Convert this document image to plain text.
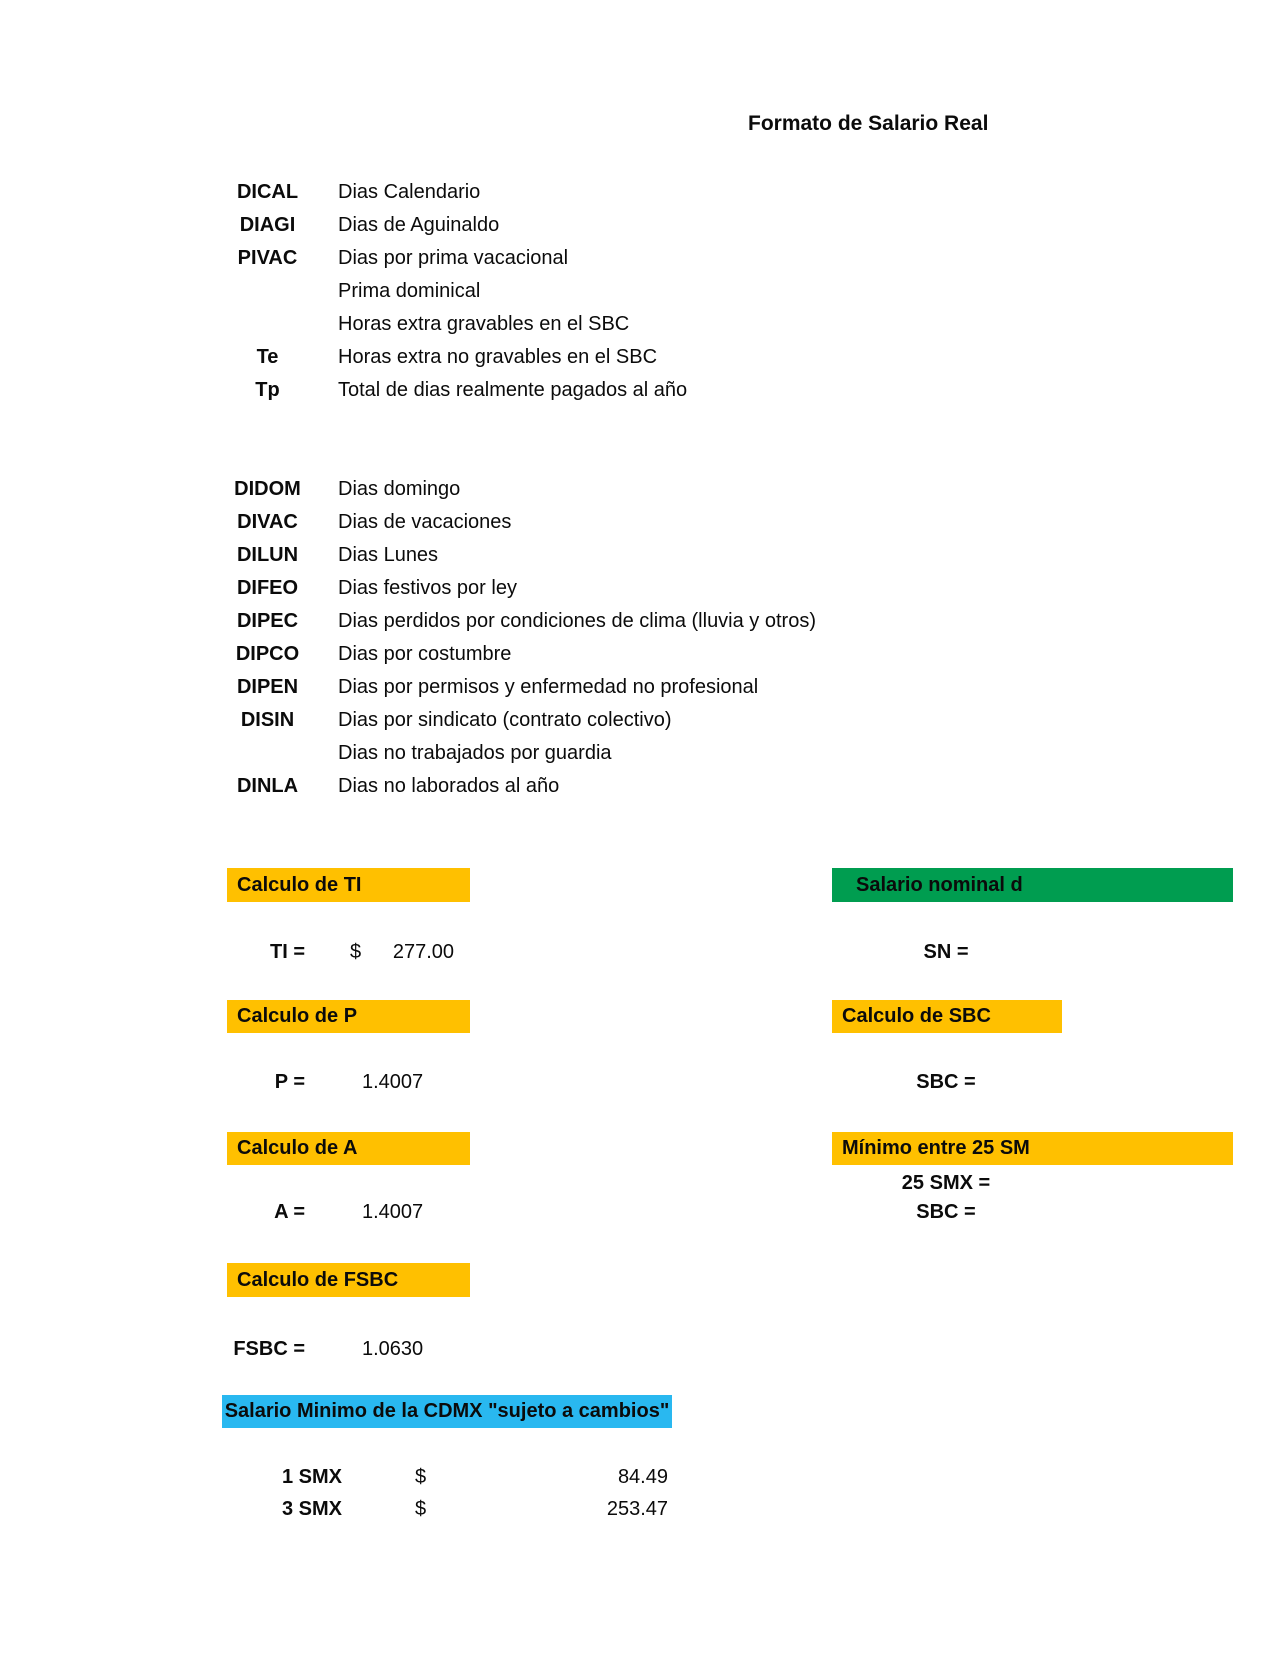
Formato de Salario Real
DICAL	Dias Calendario
DIAGI	Dias de Aguinaldo
PIVAC	Dias por prima vacacional
Prima dominical
Horas extra gravables en el SBC
Te	Horas extra no gravables en el SBC
Tp	Total de dias realmente pagados al año
DIDOM	Dias domingo
DIVAC	Dias de vacaciones
DILUN	Dias Lunes
DIFEO	Dias festivos por ley
DIPEC	Dias perdidos por condiciones de clima (lluvia y otros)
DIPCO	Dias por costumbre
DIPEN	Dias por permisos y enfermedad no profesional
DISIN	Dias por sindicato (contrato colectivo)
Dias no trabajados por guardia
DINLA	Dias no laborados al año
Calculo de TI	Salario nominal d
TI = $ 277.00	SN =
Calculo de P	Calculo de SBC
P =	1.4007	SBC =
Calculo de A	Mínimo entre 25 SM
25 SMX =
A =	1.4007	SBC =
Calculo de FSBC
FSBC =	1.0630
Salario Minimo de la CDMX "sujeto a cambios"
1 SMX	$	84.49
3 SMX	$	253.47
